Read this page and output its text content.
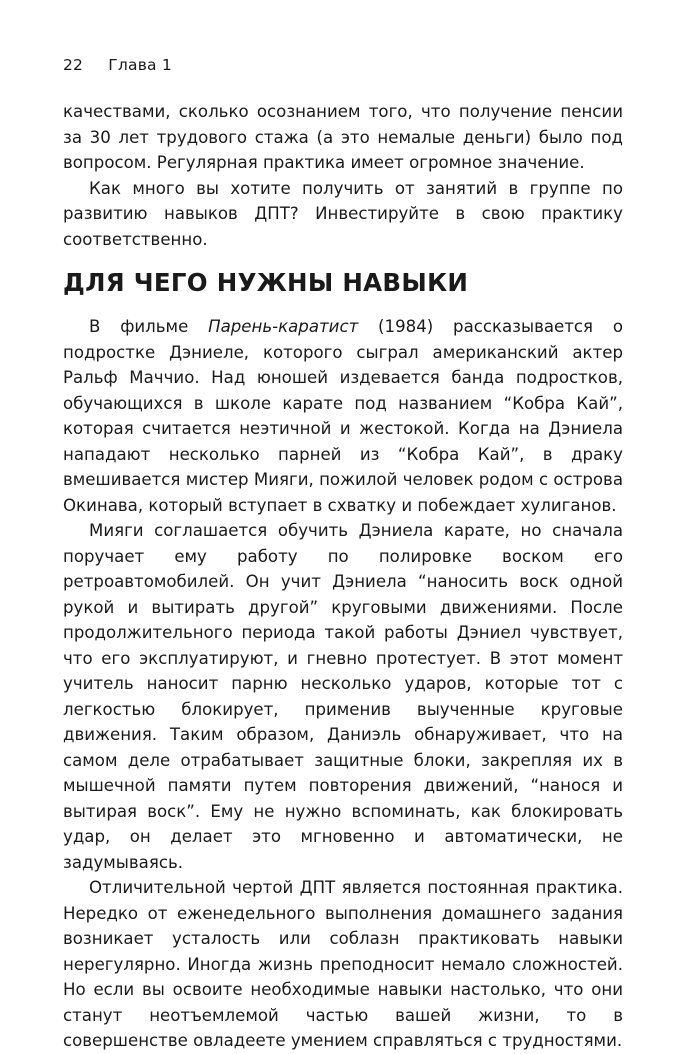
22 Глава 1

качествами, сколько осознанием того, что получение пенсии за 30 лет трудового стажа (а это немалые деньги) было под вопросом. Регулярная практика имеет огромное значение.

Как много вы хотите получить от занятий в группе по развитию навыков ДПТ? Инвестируйте в свою практику соответственно.

ДЛЯ ЧЕГО НУЖНЫ НАВЫКИ

В фильме Парень-каратист (1984) рассказывается о подростке Дэниеле, которого сыграл американский актер Ральф Маччио. Над юношей издевается банда подростков, обучающихся в школе карате под названием “Кобра Кай”, которая считается неэтичной и жестокой. Когда на Дэниела нападают несколько парней из “Кобра Кай”, в драку вмешивается мистер Мияги, пожилой человек родом с острова Окинава, который вступает в схватку и побеждает хулиганов.

Мияги соглашается обучить Дэниела карате, но сначала поручает ему работу по полировке воском его ретроавтомобилей. Он учит Дэниела “наносить воск одной рукой и вытирать другой” круговыми движениями. После продолжительного периода такой работы Дэниел чувствует, что его эксплуатируют, и гневно протестует. В этот момент учитель наносит парню несколько ударов, которые тот с легкостью блокирует, применив выученные круговые движения. Таким образом, Даниэль обнаруживает, что на самом деле отрабатывает защитные блоки, закрепляя их в мышечной памяти путем повторения движений, “нанося и вытирая воск”. Ему не нужно вспоминать, как блокировать удар, он делает это мгновенно и автоматически, не задумываясь.

Отличительной чертой ДПТ является постоянная практика. Нередко от еженедельного выполнения домашнего задания возникает усталость или соблазн практиковать навыки нерегулярно. Иногда жизнь преподносит немало сложностей. Но если вы освоите необходимые навыки настолько, что они станут неотъемлемой частью вашей жизни, то в совершенстве овладеете умением справляться с трудностями.
